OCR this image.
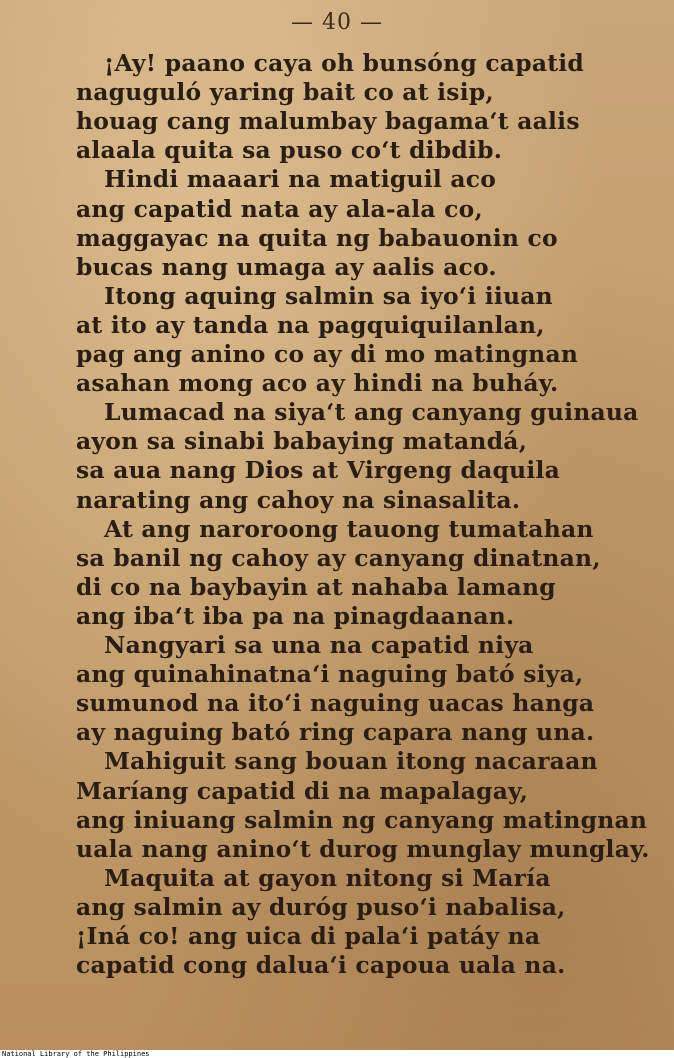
— 40 —
¡Ay! paano caya oh bunsóng capatid
naguguló yaring bait co at isip,
houag cang malumbay bagama‘t aalis
alaala quita sa puso co‘t dibdib.
Hindi maaari na matiguil aco
ang capatid nata ay ala-ala co,
maggayac na quita ng babauonin co
bucas nang umaga ay aalis aco.
Itong aquing salmin sa iyo‘i iiuan
at ito ay tanda na pagquiquilanlan,
pag ang anino co ay di mo matingnan
asahan mong aco ay hindi na buháy.
Lumacad na siya‘t ang canyang guinaua
ayon sa sinabi babaying matandá,
sa aua nang Dios at Virgeng daquila
narating ang cahoy na sinasalita.
At ang naroroong tauong tumatahan
sa banil ng cahoy ay canyang dinatnan,
di co na baybayin at nahaba lamang
ang iba‘t iba pa na pinagdaanan.
Nangyari sa una na capatid niya
ang quinahinatna‘i naguing bató siya,
sumunod na ito‘i naguing uacas hanga
ay naguing bató ring capara nang una.
Mahiguit sang bouan itong nacaraan
Maríang capatid di na mapalagay,
ang iniuang salmin ng canyang matingnan
uala nang anino‘t durog munglay munglay.
Maquita at gayon nitong si María
ang salmin ay duróg puso‘i nabalisa,
¡Iná co! ang uica di pala‘i patáy na
capatid cong dalua‘i capoua uala na.
National Library of the Philippines
